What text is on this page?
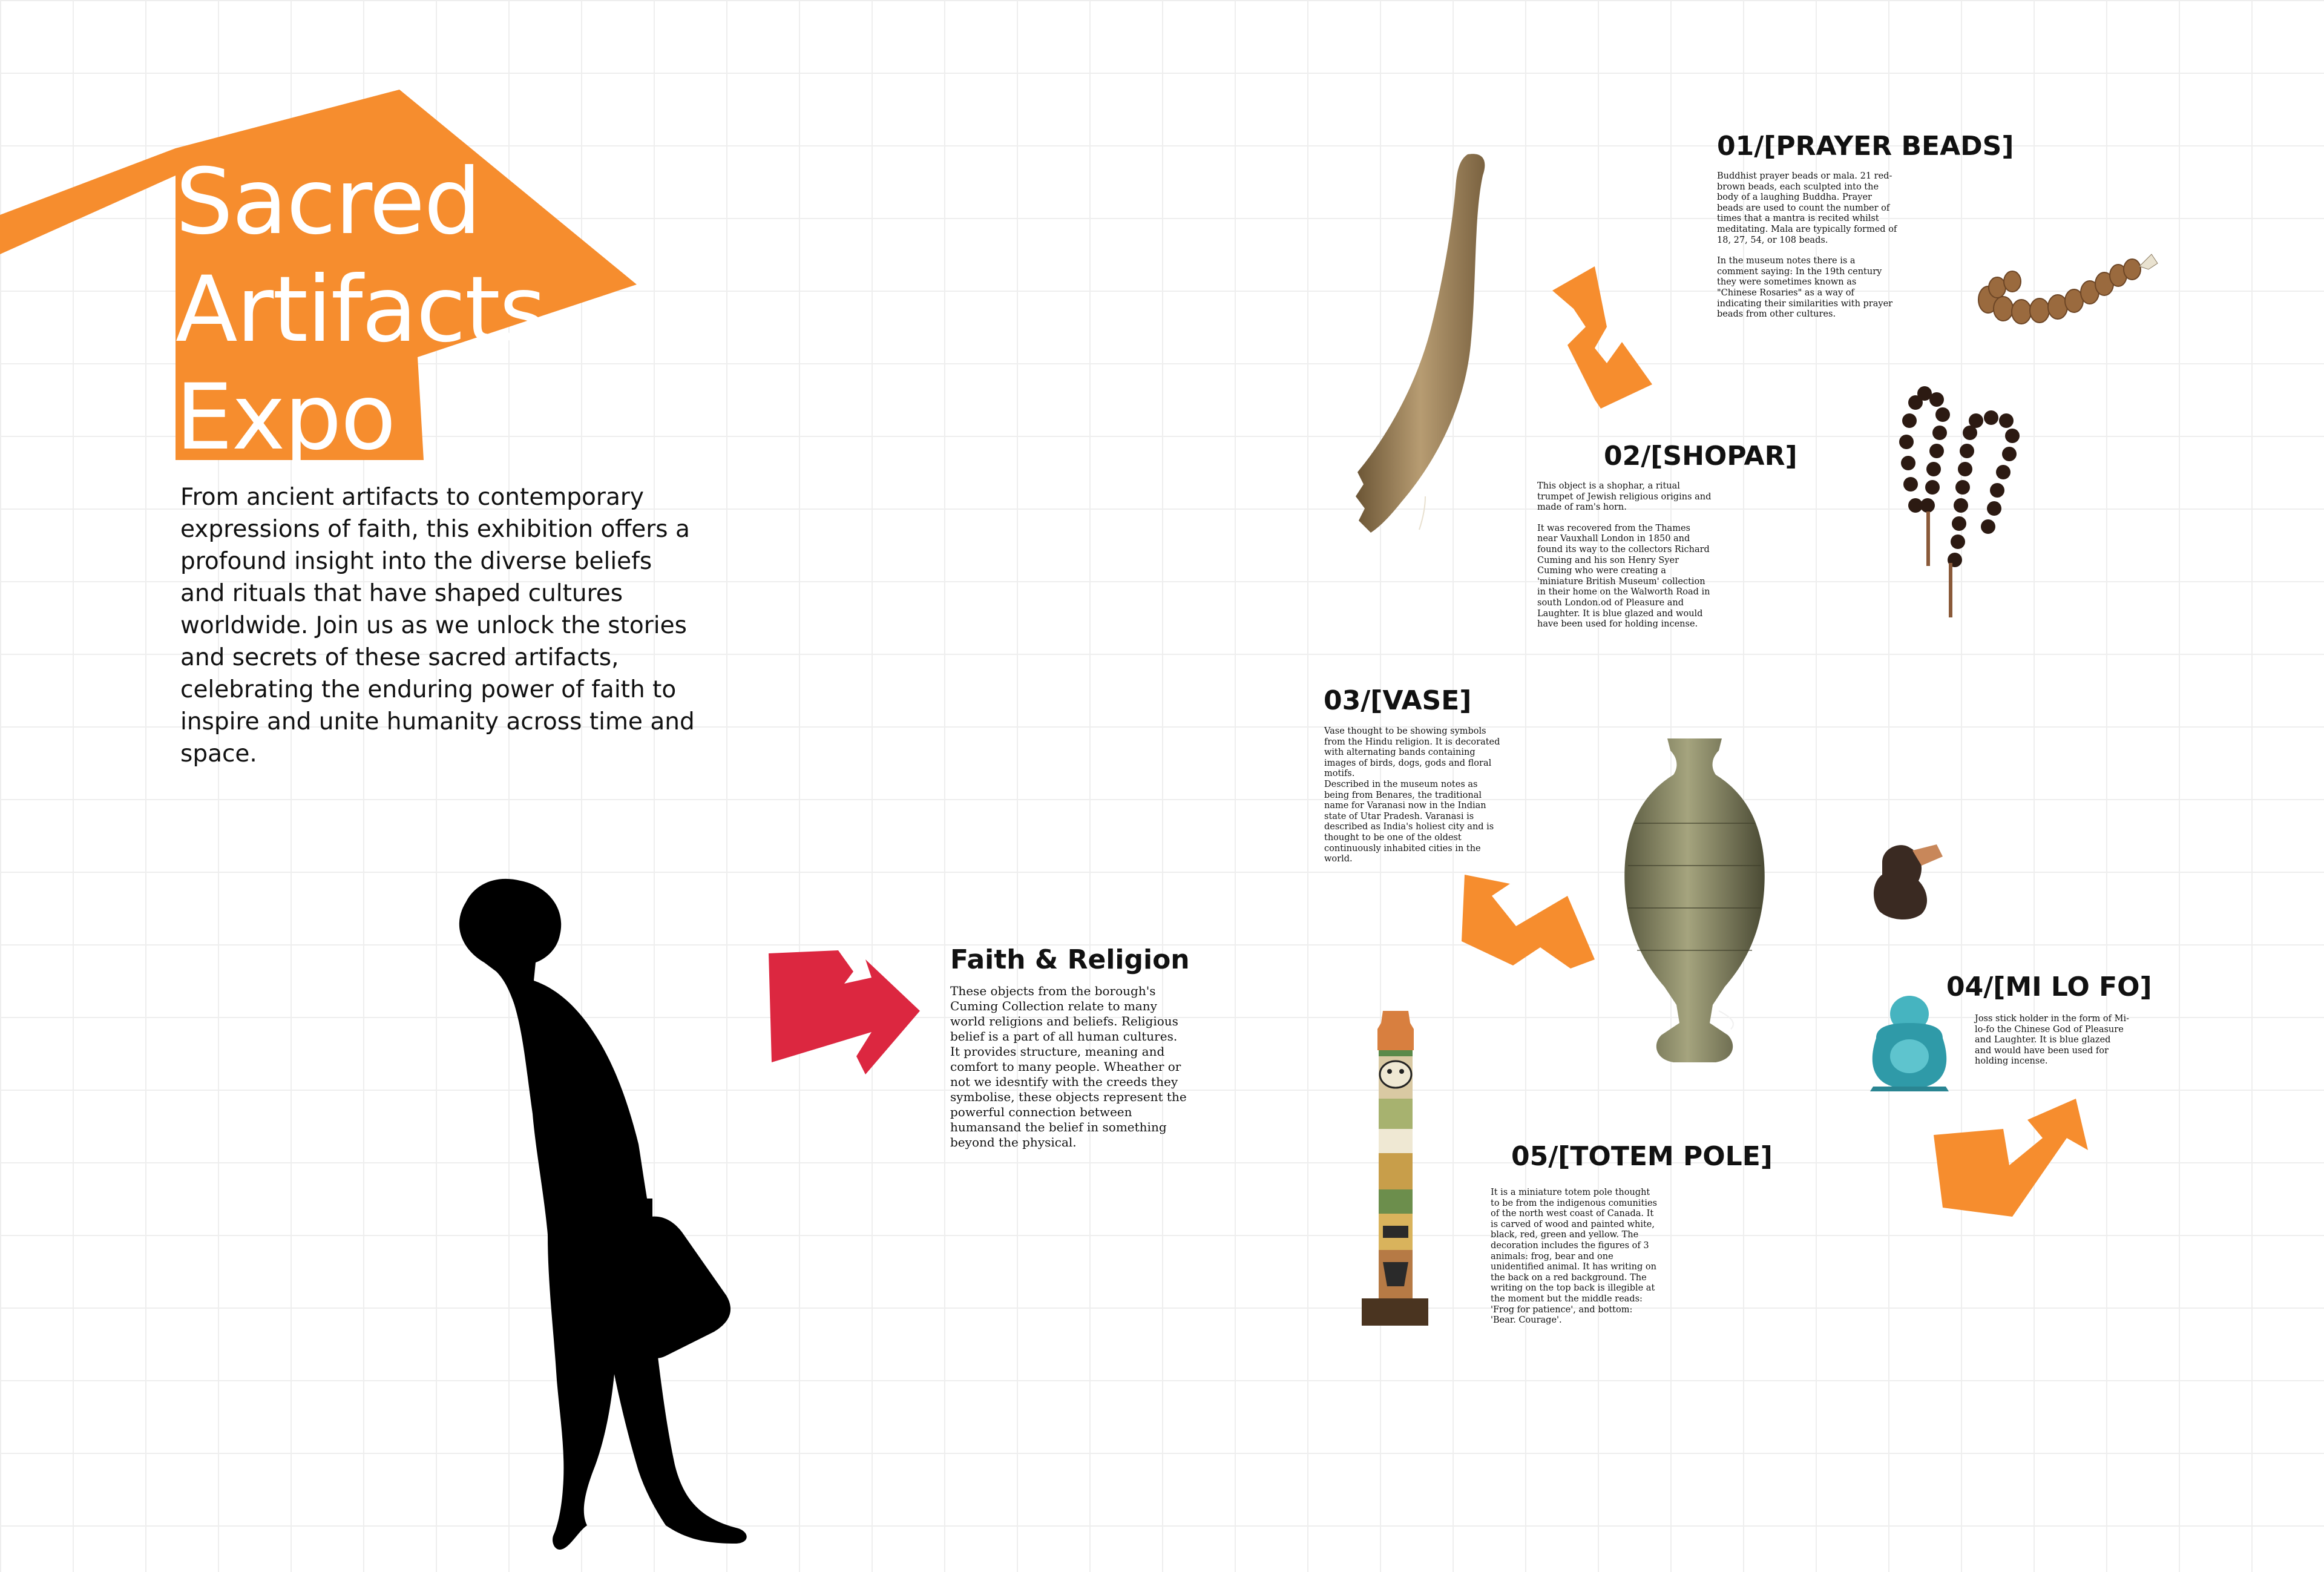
Sacred
Artifacts
Expo

From ancient artifacts to contemporary expressions of faith, this exhibition offers a profound insight into the diverse beliefs and rituals that have shaped cultures worldwide. Join us as we unlock the stories and secrets of these sacred artifacts, celebrating the enduring power of faith to inspire and unite humanity across time and space.

Faith & Religion

These objects from the borough's Cuming Collection relate to many world religions and beliefs. Religious belief is a part of all human cultures. It provides structure, meaning and comfort to many people. Wheather or not we idesntify with the creeds they symbolise, these objects represent the powerful connection between humansand the belief in something beyond the physical.

01/[PRAYER BEADS]

Buddhist prayer beads or mala. 21 red-brown beads, each sculpted into the body of a laughing Buddha. Prayer beads are used to count the number of times that a mantra is recited whilst meditating. Mala are typically formed of 18, 27, 54, or 108 beads.

In the museum notes there is a comment saying: In the 19th century they were sometimes known as "Chinese Rosaries" as a way of indicating their similarities with prayer beads from other cultures.

02/[SHOPAR]

This object is a shophar, a ritual trumpet of Jewish religious origins and made of ram's horn.

It was recovered from the Thames near Vauxhall London in 1850 and found its way to the collectors Richard Cuming and his son Henry Syer Cuming who were creating a 'miniature British Museum' collection in their home on the Walworth Road in south London.od of Pleasure and Laughter. It is blue glazed and would have been used for holding incense.

03/[VASE]

Vase thought to be showing symbols from the Hindu religion. It is decorated with alternating bands containing images of birds, dogs, gods and floral motifs.

Described in the museum notes as being from Benares, the traditional name for Varanasi now in the Indian state of Utar Pradesh. Varanasi is described as India's holiest city and is thought to be one of the oldest continuously inhabited cities in the world.

04/[MI LO FO]

Joss stick holder in the form of Mi-lo-fo the Chinese God of Pleasure and Laughter. It is blue glazed and would have been used for holding incense.

05/[TOTEM POLE]

It is a miniature totem pole thought to be from the indigenous comunities of the north west coast of Canada. It is carved of wood and painted white, black, red, green and yellow. The decoration includes the figures of 3 animals: frog, bear and one unidentified animal. It has writing on the back on a red background. The writing on the top back is illegible at the moment but the middle reads: 'Frog for patience', and bottom: 'Bear. Courage'.
